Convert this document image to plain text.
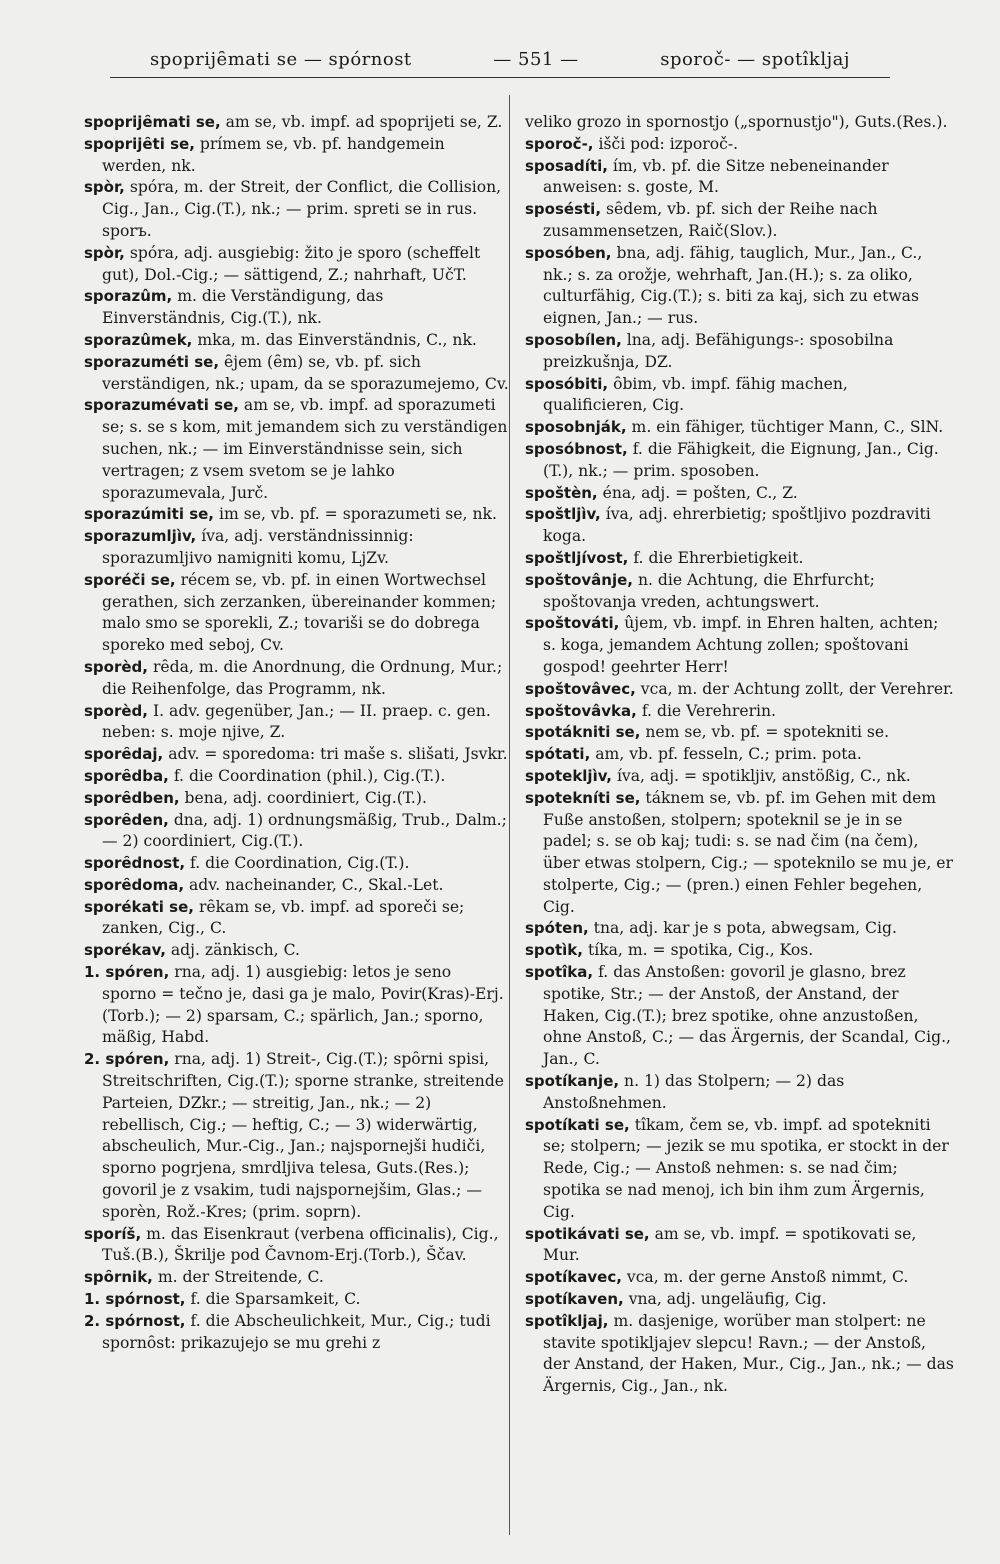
spoprijȇmati se — spórnost	— 551 —	sporoč- — spotîkljaj

spoprijȇmati se, am se, vb. impf. ad spoprijeti se, Z.

spoprijȇti se, prímem se, vb. pf. handgemein werden, nk.

spòr, spóra, m. der Streit, der Conflict, die Collision, Cig., Jan., Cig.(T.), nk.; — prim. spreti se in rus. sporъ.

spòr, spóra, adj. ausgiebig: žito je sporo (scheffelt gut), Dol.-Cig.; — sättigend, Z.; nahrhaft, UčT.

sporazûm, m. die Verständigung, das Einverständnis, Cig.(T.), nk.

sporazûmek, mka, m. das Einverständnis, C., nk.

sporazuméti se, ȇjem (ȇm) se, vb. pf. sich verständigen, nk.; upam, da se sporazumejemo, Cv.

sporazumévati se, am se, vb. impf. ad sporazumeti se; s. se s kom, mit jemandem sich zu verständigen suchen, nk.; — im Einverständnisse sein, sich vertragen; z vsem svetom se je lahko sporazumevala, Jurč.

sporazúmiti se, im se, vb. pf. = sporazumeti se, nk.

sporazumljìv, íva, adj. verständnissinnig: sporazumljivo namigniti komu, LjZv.

sporéči se, récem se, vb. pf. in einen Wortwechsel gerathen, sich zerzanken, übereinander kommen; malo smo se sporekli, Z.; tovariši se do dobrega sporeko med seboj, Cv.

sporèd, rȇda, m. die Anordnung, die Ordnung, Mur.; die Reihenfolge, das Programm, nk.

sporèd, I. adv. gegenüber, Jan.; — II. praep. c. gen. neben: s. moje njive, Z.

sporȇdaj, adv. = sporedoma: tri maše s. slišati, Jsvkr.

sporȇdba, f. die Coordination (phil.), Cig.(T.).

sporȇdben, bena, adj. coordiniert, Cig.(T.).

sporȇden, dna, adj. 1) ordnungsmäßig, Trub., Dalm.; — 2) coordiniert, Cig.(T.).

sporȇdnost, f. die Coordination, Cig.(T.).

sporȇdoma, adv. nacheinander, C., Skal.-Let.

sporékati se, rȇkam se, vb. impf. ad sporeči se; zanken, Cig., C.

sporékav, adj. zänkisch, C.

1. spóren, rna, adj. 1) ausgiebig: letos je seno sporno = tečno je, dasi ga je malo, Povir(Kras)-Erj.(Torb.); — 2) sparsam, C.; spärlich, Jan.; sporno, mäßig, Habd.

2. spóren, rna, adj. 1) Streit-, Cig.(T.); spȏrni spisi, Streitschriften, Cig.(T.); sporne stranke, streitende Parteien, DZkr.; — streitig, Jan., nk.; — 2) rebellisch, Cig.; — heftig, C.; — 3) widerwärtig, abscheulich, Mur.-Cig., Jan.; najspornejši hudiči, sporno pogrjena, smrdljiva telesa, Guts.(Res.); govoril je z vsakim, tudi najspornejšim, Glas.; — sporèn, Rož.-Kres; (prim. soprn).

sporíš, m. das Eisenkraut (verbena officinalis), Cig., Tuš.(B.), Škrilje pod Čavnom-Erj.(Torb.), Ščav.

spȏrnik, m. der Streitende, C.

1. spórnost, f. die Sparsamkeit, C.

2. spórnost, f. die Abscheulichkeit, Mur., Cig.; tudi spornȏst: prikazujejo se mu grehi z

veliko grozo in spornostjo („spornustjo"), Guts.(Res.).

sporoč-, išči pod: izporoč-.

sposadíti, ím, vb. pf. die Sitze nebeneinander anweisen: s. goste, M.

sposésti, sȇdem, vb. pf. sich der Reihe nach zusammensetzen, Raič(Slov.).

sposóben, bna, adj. fähig, tauglich, Mur., Jan., C., nk.; s. za orožje, wehrhaft, Jan.(H.); s. za oliko, culturfähig, Cig.(T.); s. biti za kaj, sich zu etwas eignen, Jan.; — rus.

sposobílen, lna, adj. Befähigungs-: sposobilna preizkušnja, DZ.

sposóbiti, ȏbim, vb. impf. fähig machen, qualificieren, Cig.

sposobnják, m. ein fähiger, tüchtiger Mann, C., SlN.

sposóbnost, f. die Fähigkeit, die Eignung, Jan., Cig.(T.), nk.; — prim. sposoben.

spoštèn, éna, adj. = pošten, C., Z.

spoštljìv, íva, adj. ehrerbietig; spoštljivo pozdraviti koga.

spoštljívost, f. die Ehrerbietigkeit.

spoštovânje, n. die Achtung, die Ehrfurcht; spoštovanja vreden, achtungswert.

spoštováti, ûjem, vb. impf. in Ehren halten, achten; s. koga, jemandem Achtung zollen; spoštovani gospod! geehrter Herr!

spoštovâvec, vca, m. der Achtung zollt, der Verehrer.

spoštovâvka, f. die Verehrerin.

spotákniti se, nem se, vb. pf. = spotekniti se.

spótati, am, vb. pf. fesseln, C.; prim. pota.

spotekljìv, íva, adj. = spotikljiv, anstößig, C., nk.

spotekníti se, táknem se, vb. pf. im Gehen mit dem Fuße anstoßen, stolpern; spoteknil se je in se padel; s. se ob kaj; tudi: s. se nad čim (na čem), über etwas stolpern, Cig.; — spoteknilo se mu je, er stolperte, Cig.; — (pren.) einen Fehler begehen, Cig.

spóten, tna, adj. kar je s pota, abwegsam, Cig.

spotìk, tíka, m. = spotika, Cig., Kos.

spotîka, f. das Anstoßen: govoril je glasno, brez spotike, Str.; — der Anstoß, der Anstand, der Haken, Cig.(T.); brez spotike, ohne anzustoßen, ohne Anstoß, C.; — das Ärgernis, der Scandal, Cig., Jan., C.

spotíkanje, n. 1) das Stolpern; — 2) das Anstoßnehmen.

spotíkati se, tîkam, čem se, vb. impf. ad spotekniti se; stolpern; — jezik se mu spotika, er stockt in der Rede, Cig.; — Anstoß nehmen: s. se nad čim; spotika se nad menoj, ich bin ihm zum Ärgernis, Cig.

spotikávati se, am se, vb. impf. = spotikovati se, Mur.

spotíkavec, vca, m. der gerne Anstoß nimmt, C.

spotíkaven, vna, adj. ungeläufig, Cig.

spotîkljaj, m. dasjenige, worüber man stolpert: ne stavite spotikljajev slepcu! Ravn.; — der Anstoß, der Anstand, der Haken, Mur., Cig., Jan., nk.; — das Ärgernis, Cig., Jan., nk.
